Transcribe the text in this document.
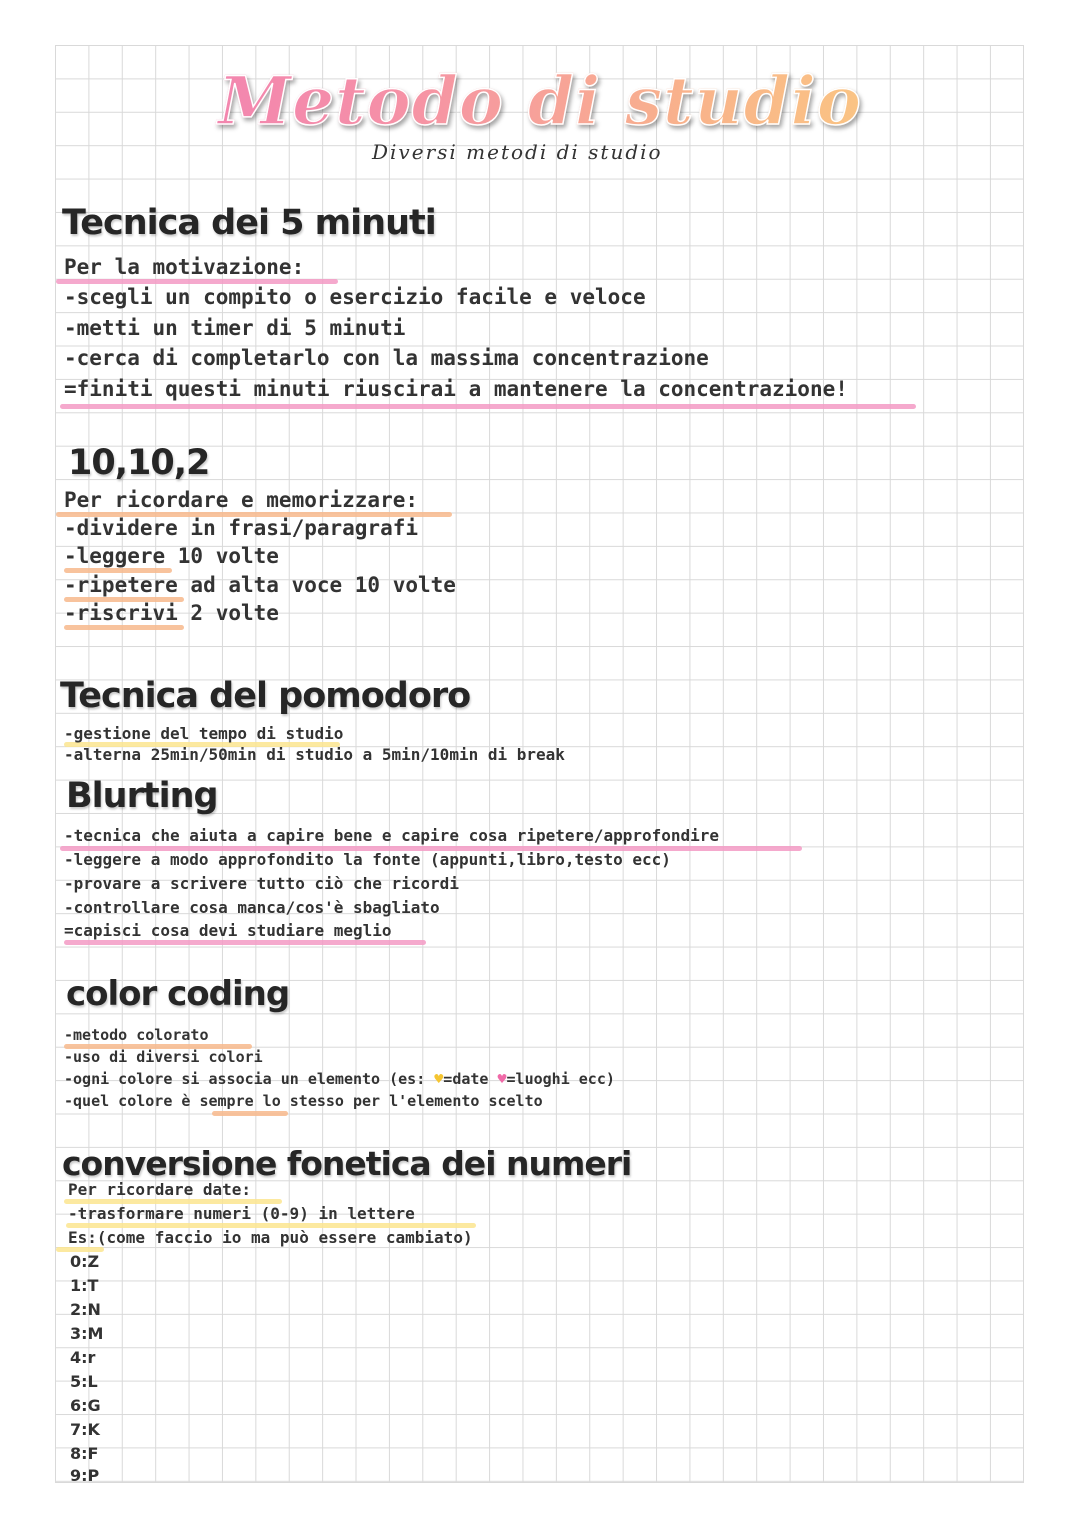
Metodo di studio
Diversi metodi di studio
Tecnica dei 5 minuti
Per la motivazione:
-scegli un compito o esercizio facile e veloce
-metti un timer di 5 minuti
-cerca di completarlo con la massima concentrazione
=finiti questi minuti riuscirai a mantenere la concentrazione!
10,10,2
Per ricordare e memorizzare:
-dividere in frasi/paragrafi
-leggere 10 volte
-ripetere ad alta voce 10 volte
-riscrivi 2 volte
Tecnica del pomodoro
-gestione del tempo di studio
-alterna 25min/50min di studio a 5min/10min di break
Blurting
-tecnica che aiuta a capire bene e capire cosa ripetere/approfondire
-leggere a modo approfondito la fonte (appunti,libro,testo ecc)
-provare a scrivere tutto ciò che ricordi
-controllare cosa manca/cos'è sbagliato
=capisci cosa devi studiare meglio
color coding
-metodo colorato
-uso di diversi colori
-ogni colore si associa un elemento (es: ♥=date ♥=luoghi ecc)
-quel colore è sempre lo stesso per l'elemento scelto
conversione fonetica dei numeri
Per ricordare date:
-trasformare numeri (0-9) in lettere
Es:(come faccio io ma può essere cambiato)
0:Z
1:T
2:N
3:M
4:r
5:L
6:G
7:K
8:F
9:P
